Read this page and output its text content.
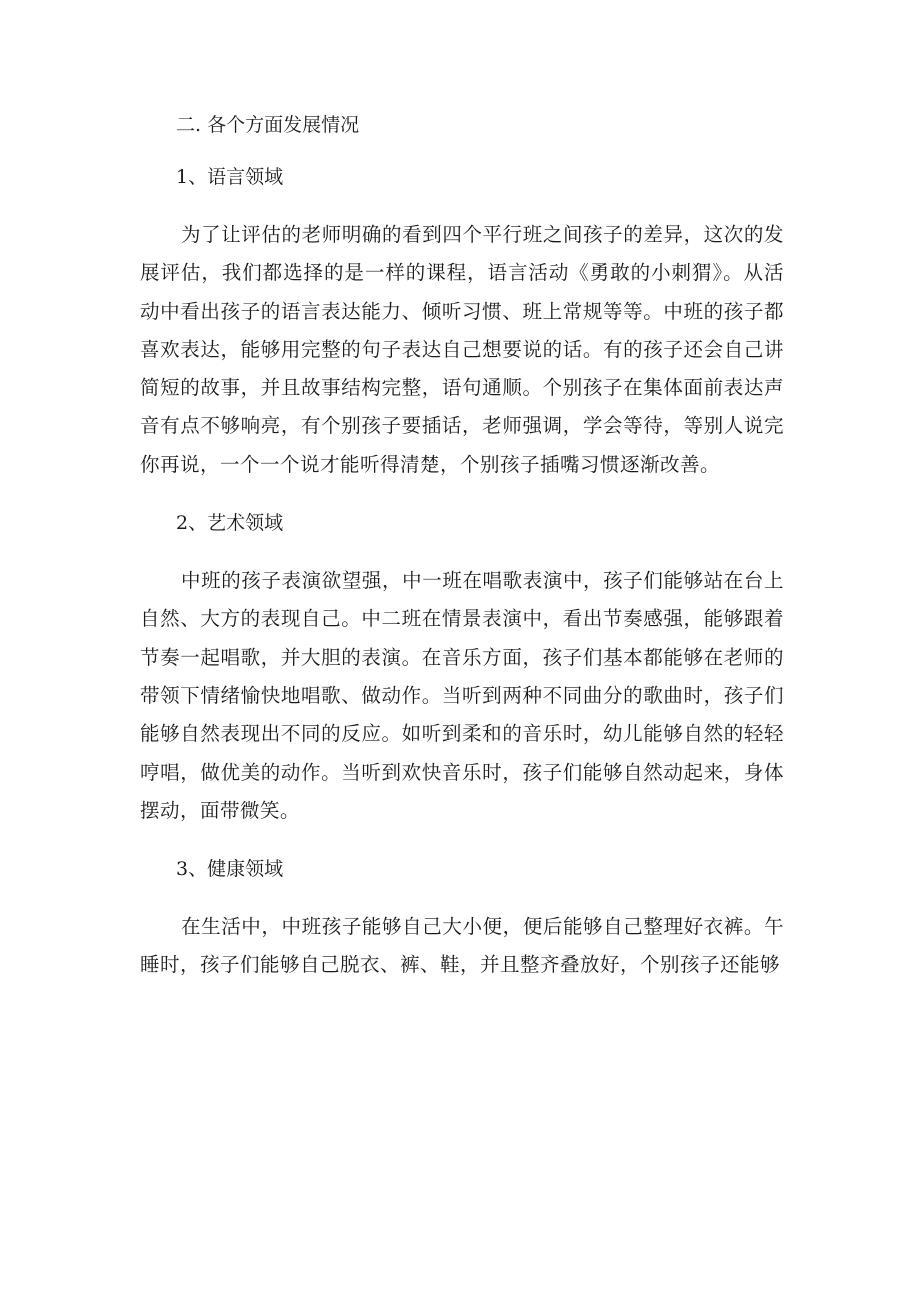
二. 各个方面发展情况
1、语言领域
为了让评估的老师明确的看到四个平行班之间孩子的差异，这次的发展评估，我们都选择的是一样的课程，语言活动《勇敢的小刺猬》。从活动中看出孩子的语言表达能力、倾听习惯、班上常规等等。中班的孩子都喜欢表达，能够用完整的句子表达自己想要说的话。有的孩子还会自己讲简短的故事，并且故事结构完整，语句通顺。个别孩子在集体面前表达声音有点不够响亮，有个别孩子要插话，老师强调，学会等待，等别人说完你再说，一个一个说才能听得清楚，个别孩子插嘴习惯逐渐改善。
2、艺术领域
中班的孩子表演欲望强，中一班在唱歌表演中，孩子们能够站在台上自然、大方的表现自己。中二班在情景表演中，看出节奏感强，能够跟着节奏一起唱歌，并大胆的表演。在音乐方面，孩子们基本都能够在老师的带领下情绪愉快地唱歌、做动作。当听到两种不同曲分的歌曲时，孩子们能够自然表现出不同的反应。如听到柔和的音乐时，幼儿能够自然的轻轻哼唱，做优美的动作。当听到欢快音乐时，孩子们能够自然动起来，身体摆动，面带微笑。
3、健康领域
在生活中，中班孩子能够自己大小便，便后能够自己整理好衣裤。午睡时，孩子们能够自己脱衣、裤、鞋，并且整齐叠放好，个别孩子还能够
